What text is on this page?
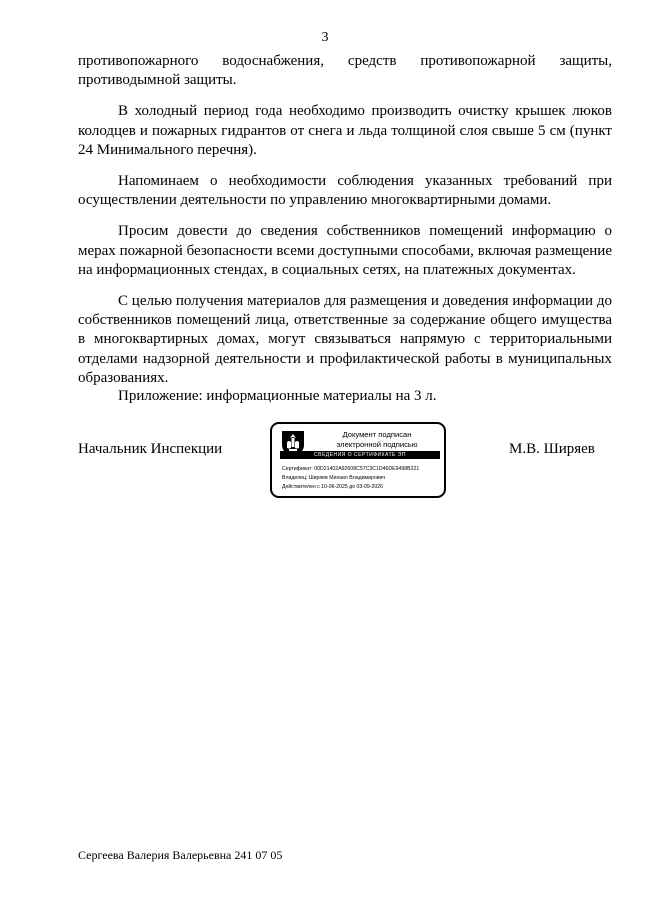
3

противопожарного водоснабжения, средств противопожарной защиты, противодымной защиты.

В холодный период года необходимо производить очистку крышек люков колодцев и пожарных гидрантов от снега и льда толщиной слоя свыше 5 см (пункт 24 Минимального перечня).

Напоминаем о необходимости соблюдения указанных требований при осуществлении деятельности по управлению многоквартирными домами.

Просим довести до сведения собственников помещений информацию о мерах пожарной безопасности всеми доступными способами, включая размещение на информационных стендах, в социальных сетях, на платежных документах.

С целью получения материалов для размещения и доведения информации до собственников помещений лица, ответственные за содержание общего имущества в многоквартирных домах, могут связываться напрямую с территориальными отделами надзорной деятельности и профилактической работы в муниципальных образованиях.

Приложение: информационные материалы на 3 л.
Начальник Инспекции
Документ подписан
электронной подписью
СВЕДЕНИЯ О СЕРТИФИКАТЕ ЭП
Сертификат: 00D21402A92608C57C3C1D46DE9498B221
Владелец: Ширяев Михаил Владимирович
Действителен с 10-06-2025 до 03-09-2026
М.В. Ширяев
Сергеева Валерия Валерьевна 241 07 05
